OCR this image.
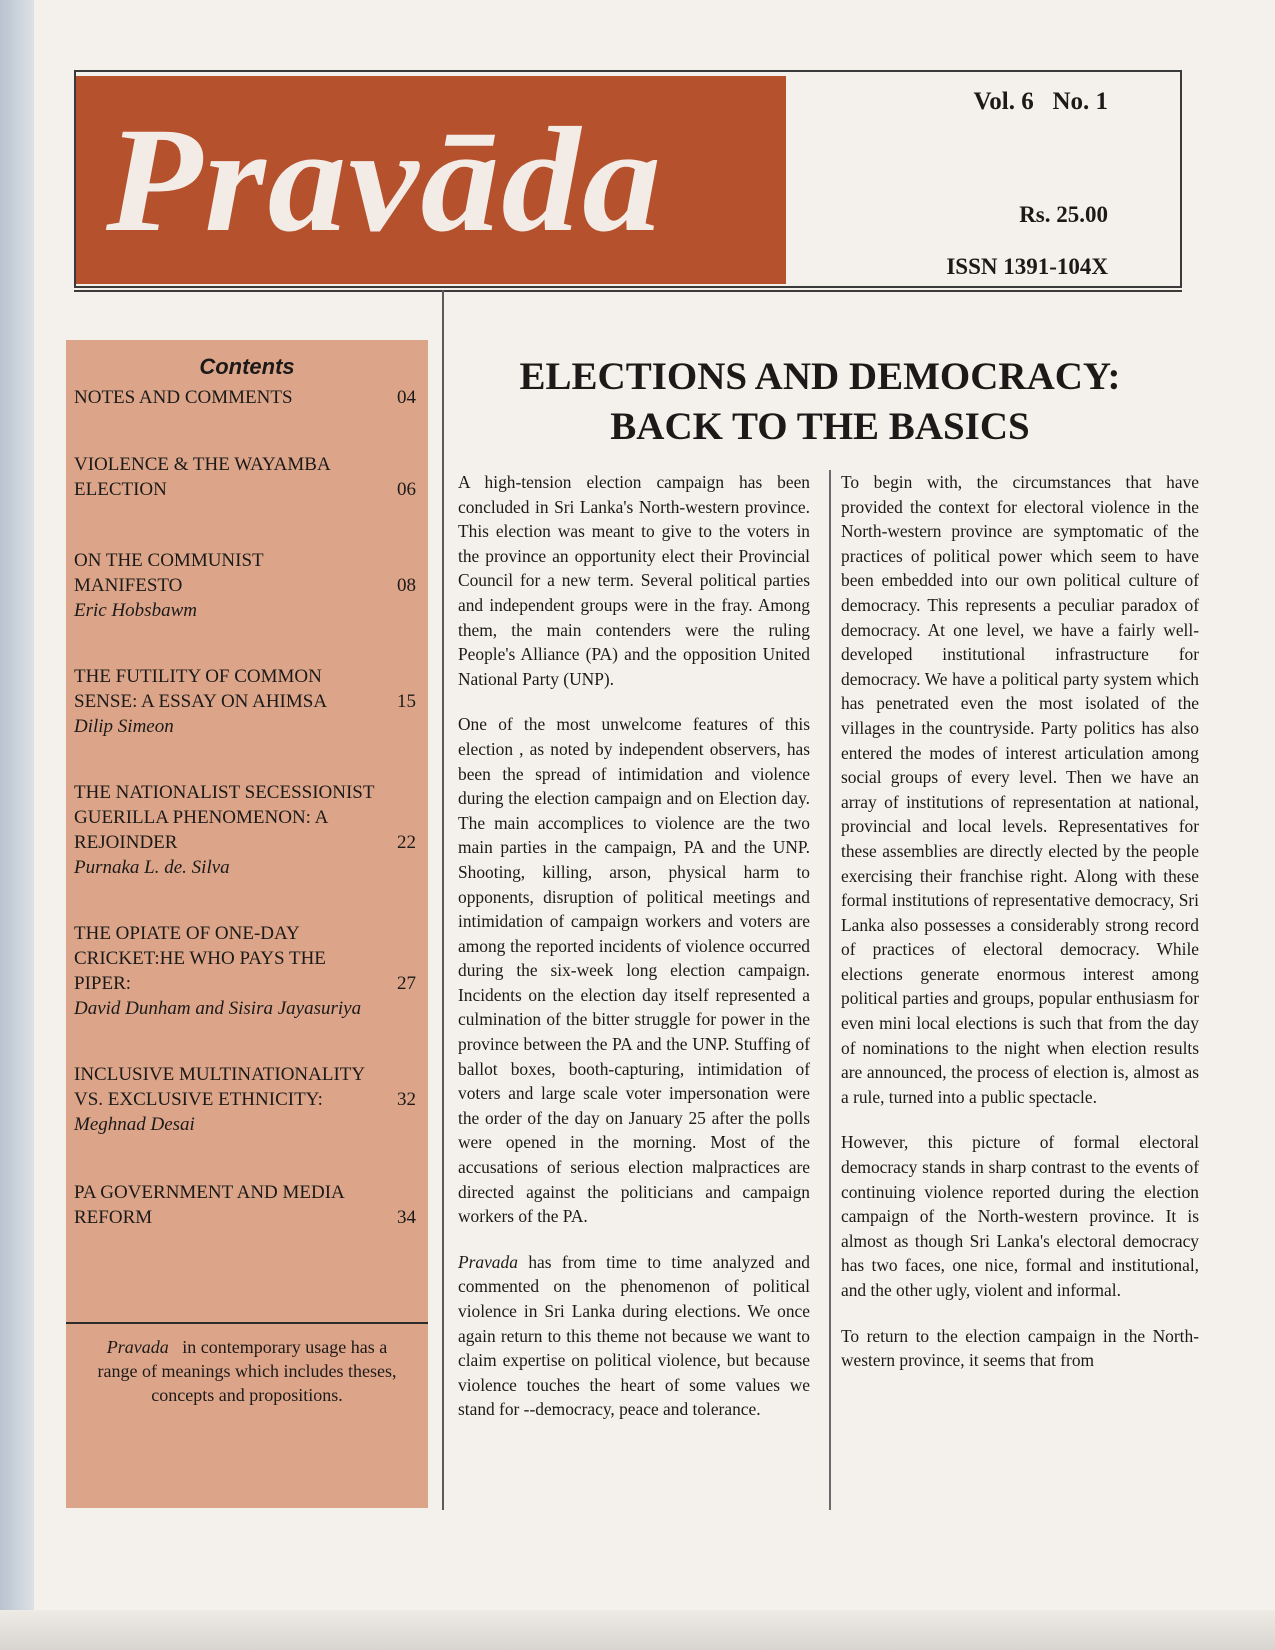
Pravāda	Vol. 6   No. 1
Rs. 25.00
ISSN 1391-104X
Contents
NOTES AND COMMENTS	04
VIOLENCE & THE WAYAMBA ELECTION	06
ON THE COMMUNIST MANIFESTO	08
Eric Hobsbawm
THE FUTILITY OF COMMON SENSE: A ESSAY ON AHIMSA	15
Dilip Simeon
THE NATIONALIST SECESSIONIST GUERILLA PHENOMENON: A REJOINDER	22
Purnaka L. de. Silva
THE OPIATE OF ONE-DAY CRICKET:HE WHO PAYS THE PIPER:	27
David Dunham and Sisira Jayasuriya
INCLUSIVE MULTINATIONALITY VS. EXCLUSIVE ETHNICITY:	32
Meghnad Desai
PA GOVERNMENT AND MEDIA REFORM	34
Pravada in contemporary usage has a range of meanings which includes theses, concepts and propositions.
ELECTIONS AND DEMOCRACY:
BACK TO THE BASICS

A high-tension election campaign has been concluded in Sri Lanka's North-western province. This election was meant to give to the voters in the province an opportunity elect their Provincial Council for a new term. Several political parties and independent groups were in the fray. Among them, the main contenders were the ruling People's Alliance (PA) and the opposition United National Party (UNP).

One of the most unwelcome features of this election , as noted by independent observers, has been the spread of intimidation and violence during the election campaign and on Election day. The main accomplices to violence are the two main parties in the campaign, PA and the UNP. Shooting, killing, arson, physical harm to opponents, disruption of political meetings and intimidation of campaign workers and voters are among the reported incidents of violence occurred during the six-week long election campaign. Incidents on the election day itself represented a culmination of the bitter struggle for power in the province between the PA and the UNP. Stuffing of ballot boxes, booth-capturing, intimidation of voters and large scale voter impersonation were the order of the day on January 25 after the polls were opened in the morning. Most of the accusations of serious election malpractices are directed against the politicians and campaign workers of the PA.

Pravada has from time to time analyzed and commented on the phenomenon of political violence in Sri Lanka during elections. We once again return to this theme not because we want to claim expertise on political violence, but because violence touches the heart of some values we stand for --democracy, peace and tolerance.

To begin with, the circumstances that have provided the context for electoral violence in the North-western province are symptomatic of the practices of political power which seem to have been embedded into our own political culture of democracy. This represents a peculiar paradox of democracy. At one level, we have a fairly well-developed institutional infrastructure for democracy. We have a political party system which has penetrated even the most isolated of the villages in the countryside. Party politics has also entered the modes of interest articulation among social groups of every level. Then we have an array of institutions of representation at national, provincial and local levels. Representatives for these assemblies are directly elected by the people exercising their franchise right. Along with these formal institutions of representative democracy, Sri Lanka also possesses a considerably strong record of practices of electoral democracy. While elections generate enormous interest among political parties and groups, popular enthusiasm for even mini local elections is such that from the day of nominations to the night when election results are announced, the process of election is, almost as a rule, turned into a public spectacle.

However, this picture of formal electoral democracy stands in sharp contrast to the events of continuing violence reported during the election campaign of the North-western province. It is almost as though Sri Lanka's electoral democracy has two faces, one nice, formal and institutional, and the other ugly, violent and informal.

To return to the election campaign in the North-western province, it seems that from
